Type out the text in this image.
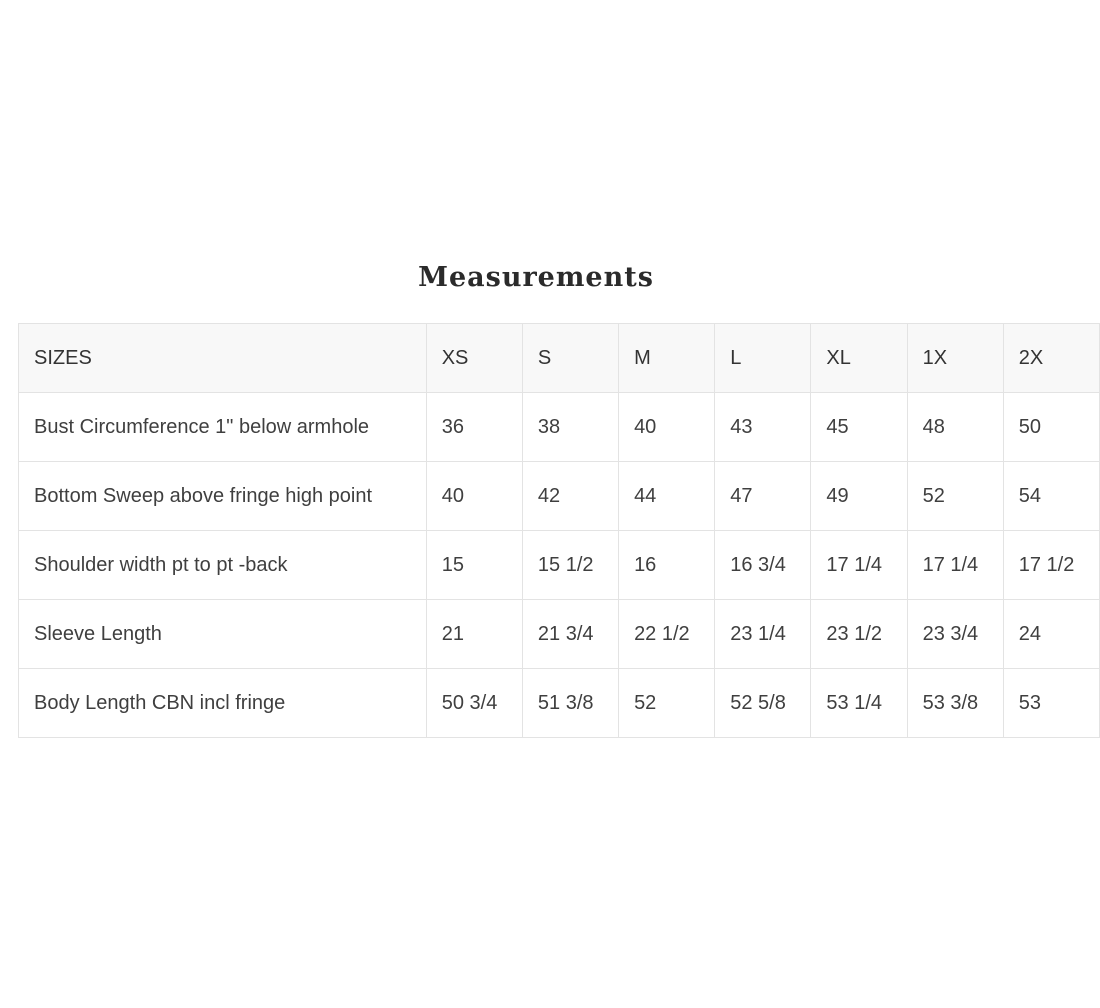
Measurements
SIZES	XS	S	M	L	XL	1X	2X
Bust Circumference 1" below armhole	36	38	40	43	45	48	50
Bottom Sweep above fringe high point	40	42	44	47	49	52	54
Shoulder width pt to pt -back	15	15 1/2	16	16 3/4	17 1/4	17 1/4	17 1/2
Sleeve Length	21	21 3/4	22 1/2	23 1/4	23 1/2	23 3/4	24
Body Length CBN incl fringe	50 3/4	51 3/8	52	52 5/8	53 1/4	53 3/8	53
